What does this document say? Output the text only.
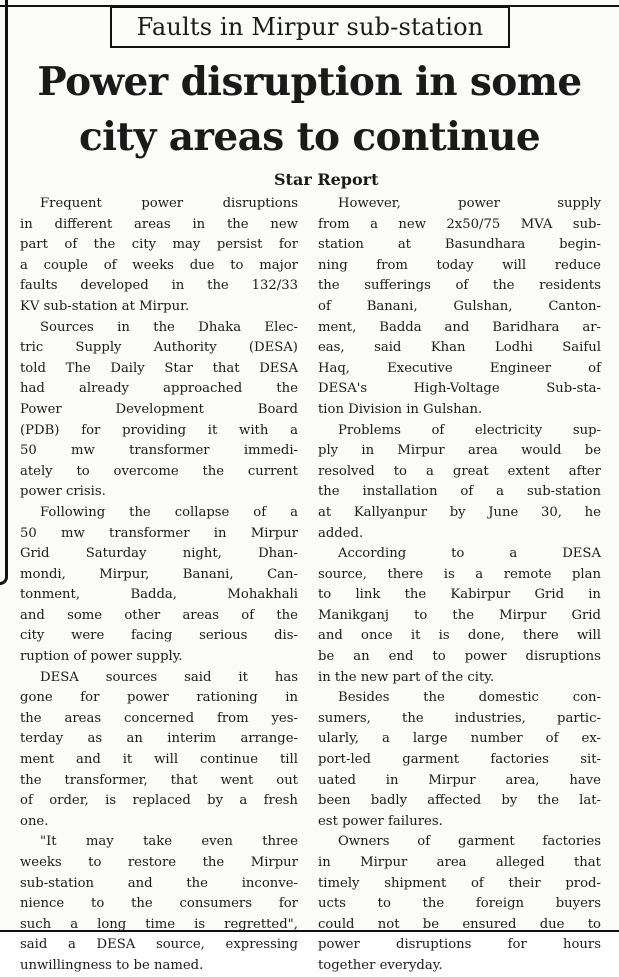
Faults in Mirpur sub-station
Power disruption in some
city areas to continue
Star Report
Frequent	power	disruptions
in different areas in the new
part of the city may persist for
a couple of weeks due to major
faults developed in the 132/33
KV sub-station at Mirpur.
Sources in the Dhaka Elec-
tric Supply Authority (DESA)
told The Daily Star that DESA
had	already	approached	the
Power	Development	Board
(PDB) for providing it with a
50	mw	transformer	immedi-
ately to overcome the current
power crisis.
Following the collapse of a
50 mw transformer in Mirpur
Grid	Saturday	night,	Dhan-
mondi,	Mirpur,	Banani,	Can-
tonment,	Badda,	Mohakhali
and some other areas of the
city were facing serious dis-
ruption of power supply.
DESA sources said it has
gone for power rationing in
the areas concerned from yes-
terday as an interim arrange-
ment and it will continue till
the transformer, that went out
of order, is replaced by a fresh
one.
"It may take even three
weeks to restore the Mirpur
sub-station	and	the	inconve-
nience to the consumers for
such a long time is regretted",
said a DESA source, expressing
unwillingness to be named.
However,	power	supply
from a new 2x50/75 MVA sub-
station	at	Basundhara	begin-
ning from today will reduce
the sufferings of the residents
of	Banani,	Gulshan,	Canton-
ment, Badda and Baridhara ar-
eas, said Khan Lodhi Saiful
Haq,	Executive	Engineer	of
DESA's	High-Voltage	Sub-sta-
tion Division in Gulshan.
Problems of electricity sup-
ply in Mirpur area would be
resolved to a great extent after
the installation of a sub-station
at Kallyanpur by June 30, he
added.
According	to	a	DESA
source, there is a remote plan
to link the Kabirpur Grid in
Manikganj to the Mirpur Grid
and once it is done, there will
be an end to power disruptions
in the new part of the city.
Besides	the	domestic	con-
sumers, the industries, partic-
ularly, a large number of ex-
port-led garment factories sit-
uated in Mirpur area, have
been badly affected by the lat-
est power failures.
Owners of garment factories
in Mirpur area alleged that
timely shipment of their prod-
ucts to the foreign buyers
could not be ensured due to
power	disruptions	for	hours
together everyday.
